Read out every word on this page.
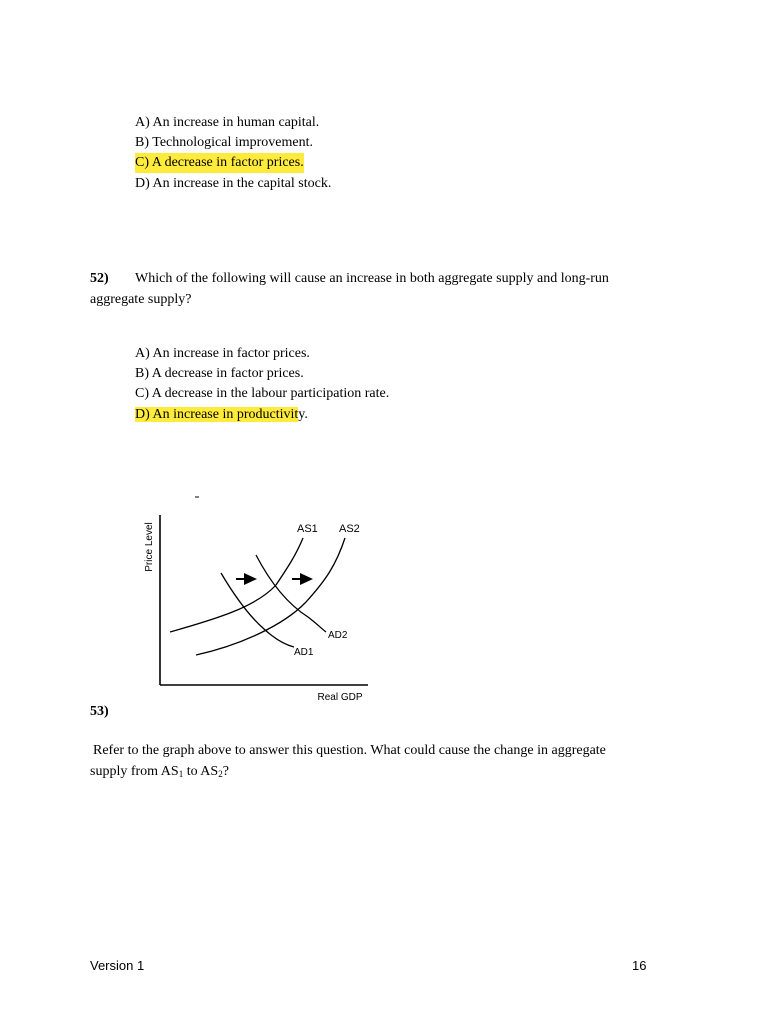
A) An increase in human capital.
B) Technological improvement.
C) A decrease in factor prices.
D) An increase in the capital stock.
52) Which of the following will cause an increase in both aggregate supply and long-run
aggregate supply?
A) An increase in factor prices.
B) A decrease in factor prices.
C) A decrease in the labour participation rate.
D) An increase in productivity.
Price Level
Real GDP
AS1 AS2
AD2
AD1
53)
Refer to the graph above to answer this question. What could cause the change in aggregate
supply from $AS_1$ to $AS_2$?
Version 1	16
